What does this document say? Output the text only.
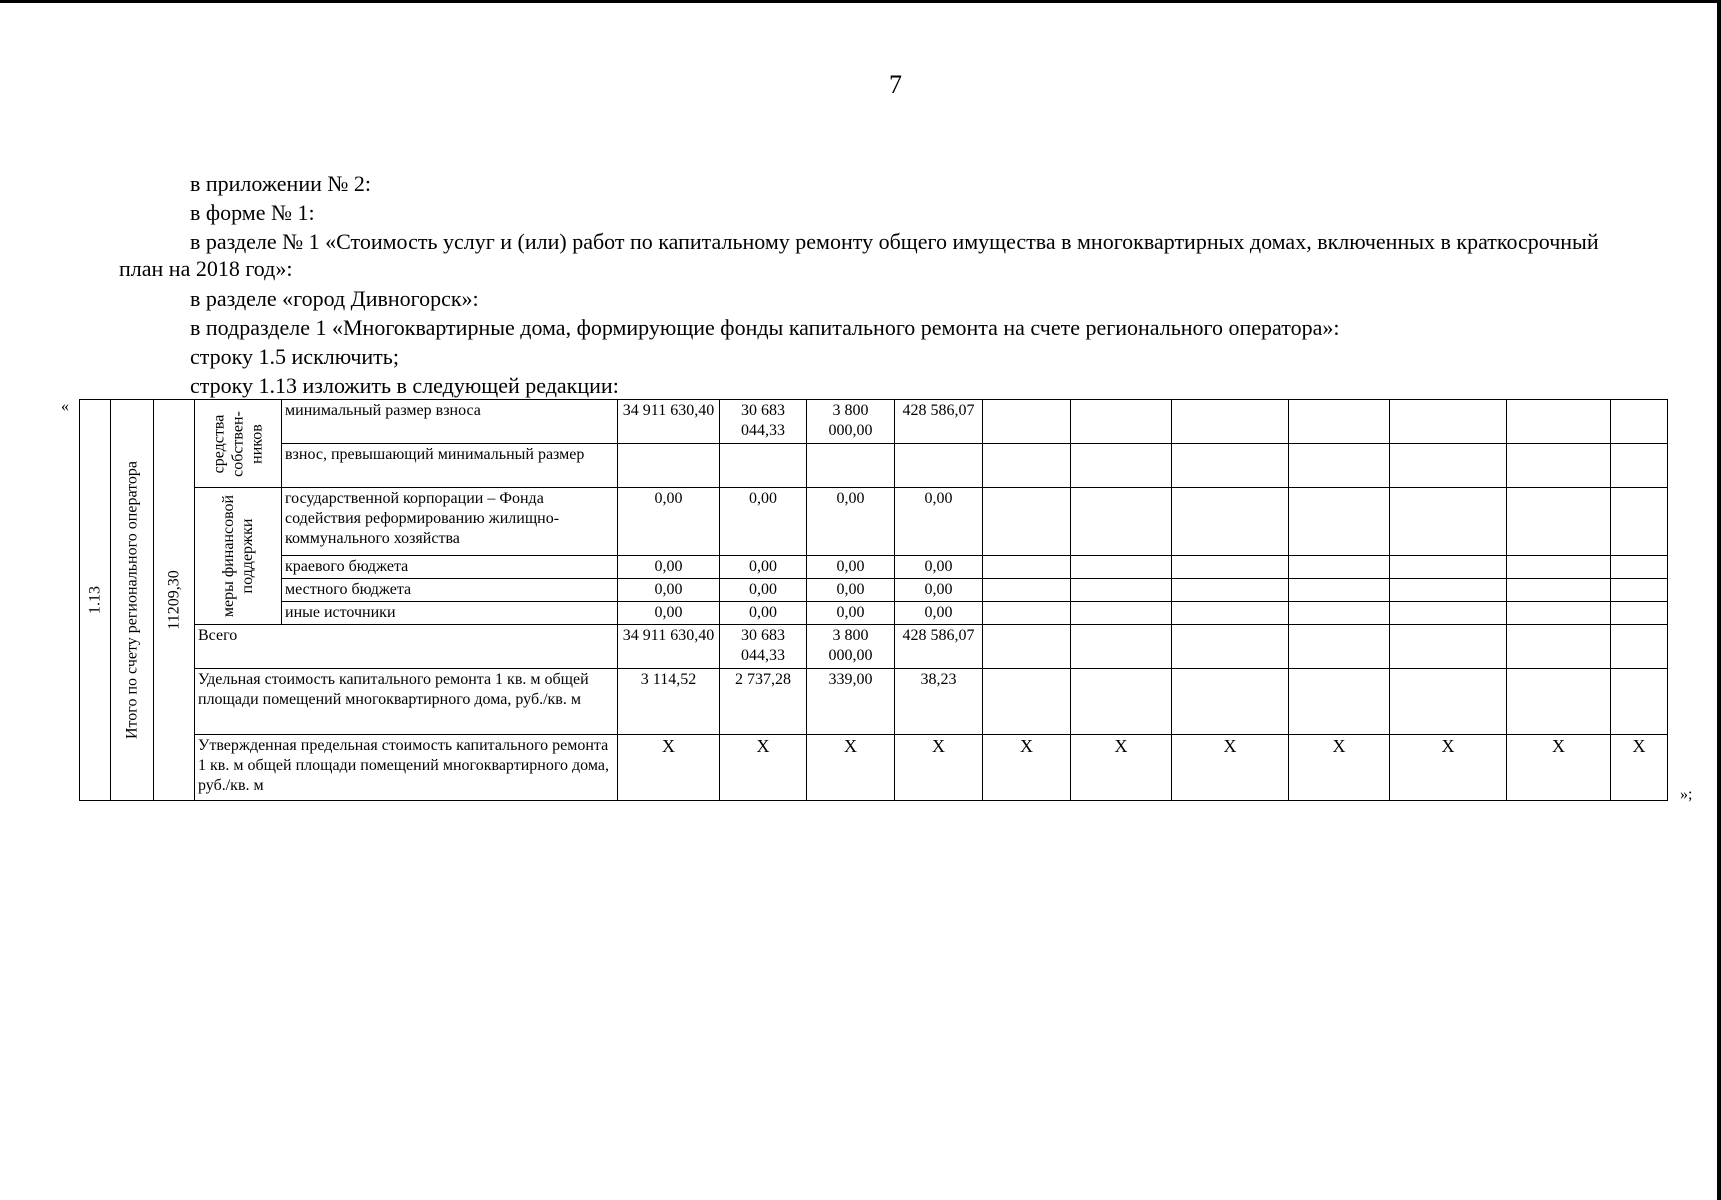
7
в приложении № 2:
в форме № 1:
в разделе № 1 «Стоимость услуг и (или) работ по капитальному ремонту общего имущества в многоквартирных домах, включенных в краткосрочный план на 2018 год»:
в разделе «город Дивногорск»:
в подразделе 1 «Многоквартирные дома, формирующие фонды капитального ремонта на счете регионального оператора»:
строку 1.5 исключить;
строку 1.13 изложить в следующей редакции:
«
1.13	Итого по счету регионального оператора	11209,30	средства собствен- ников	минимальный размер взноса	34 911 630,40	30 683 044,33	3 800 000,00	428 586,07							
				взнос, превышающий минимальный размер											

			меры финансовой поддержки	государственной корпорации – Фонда содействия реформированию жилищно-коммунального хозяйства	0,00	0,00	0,00	0,00							
				краевого бюджета	0,00	0,00	0,00	0,00							
				местного бюджета	0,00	0,00	0,00	0,00							
				иные источники	0,00	0,00	0,00	0,00							
			Всего		34 911 630,40	30 683 044,33	3 800 000,00	428 586,07							
			Удельная стоимость капитального ремонта 1 кв. м общей площади помещений многоквартирного дома, руб./кв. м		3 114,52	2 737,28	339,00	38,23							
			Утвержденная предельная стоимость капитального ремонта 1 кв. м общей площади помещений многоквартирного дома, руб./кв. м		Х	Х	Х	Х	Х	Х	Х	Х	Х	Х	Х
»;
